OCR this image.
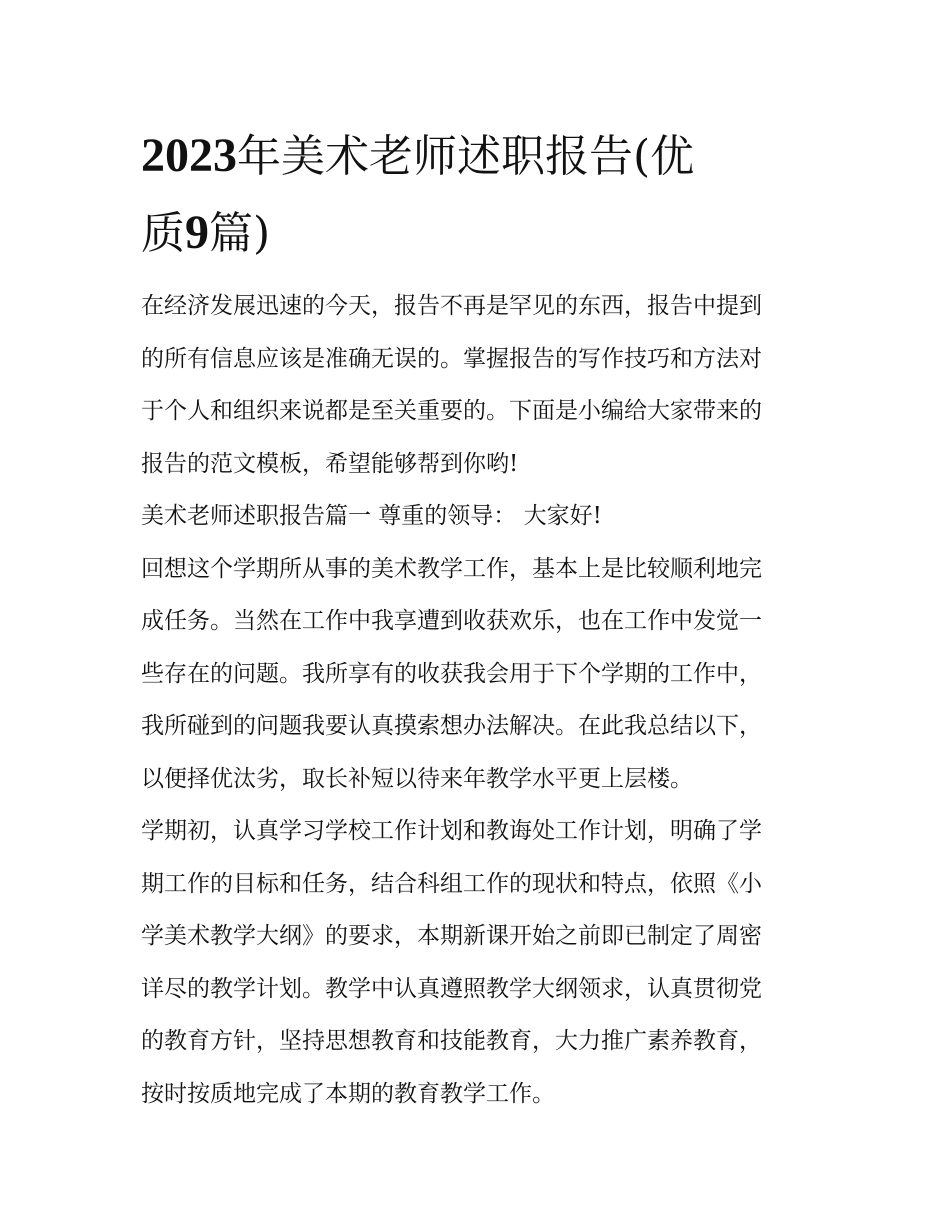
2023年美术老师述职报告(优
质9篇)
在经济发展迅速的今天，报告不再是罕见的东西，报告中提到
的所有信息应该是准确无误的。掌握报告的写作技巧和方法对
于个人和组织来说都是至关重要的。下面是小编给大家带来的
报告的范文模板，希望能够帮到你哟!
美术老师述职报告篇一 尊重的领导： 大家好!
回想这个学期所从事的美术教学工作，基本上是比较顺利地完
成任务。当然在工作中我享遭到收获欢乐，也在工作中发觉一
些存在的问题。我所享有的收获我会用于下个学期的工作中，
我所碰到的问题我要认真摸索想办法解决。在此我总结以下，
以便择优汰劣，取长补短以待来年教学水平更上层楼。
学期初，认真学习学校工作计划和教诲处工作计划，明确了学
期工作的目标和任务，结合科组工作的现状和特点，依照《小
学美术教学大纲》的要求，本期新课开始之前即已制定了周密
详尽的教学计划。教学中认真遵照教学大纲领求，认真贯彻党
的教育方针，坚持思想教育和技能教育，大力推广素养教育，
按时按质地完成了本期的教育教学工作。
